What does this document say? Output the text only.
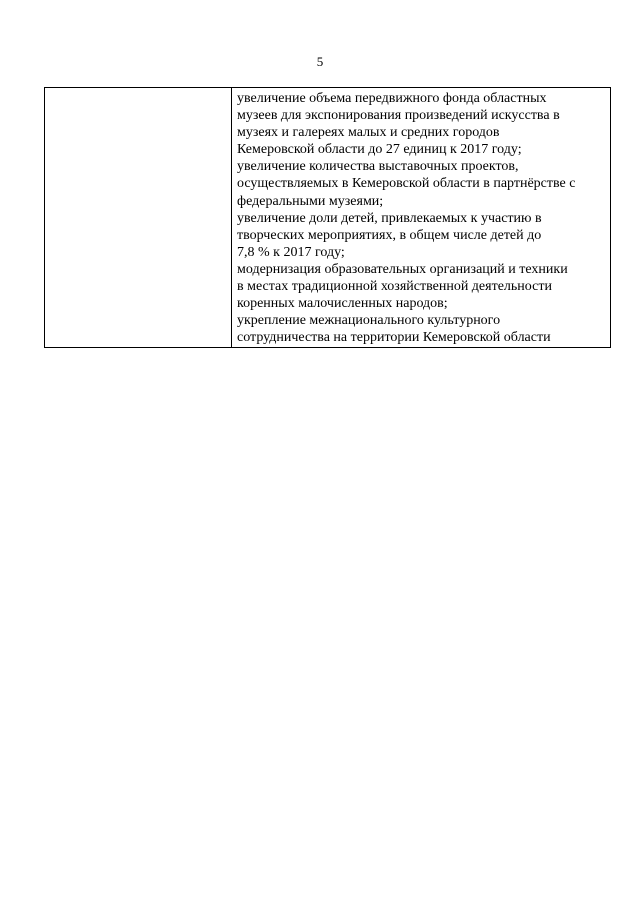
5

увеличение объема передвижного фонда областных
музеев для экспонирования произведений искусства в
музеях и галереях малых и средних городов
Кемеровской области до 27 единиц к 2017 году;
увеличение количества выставочных проектов,
осуществляемых в Кемеровской области в партнёрстве с
федеральными музеями;
увеличение доли детей, привлекаемых к участию в
творческих мероприятиях, в общем числе детей до
7,8 % к 2017 году;
модернизация образовательных организаций и техники
в местах традиционной хозяйственной деятельности
коренных малочисленных народов;
укрепление межнационального культурного
сотрудничества на территории Кемеровской области
